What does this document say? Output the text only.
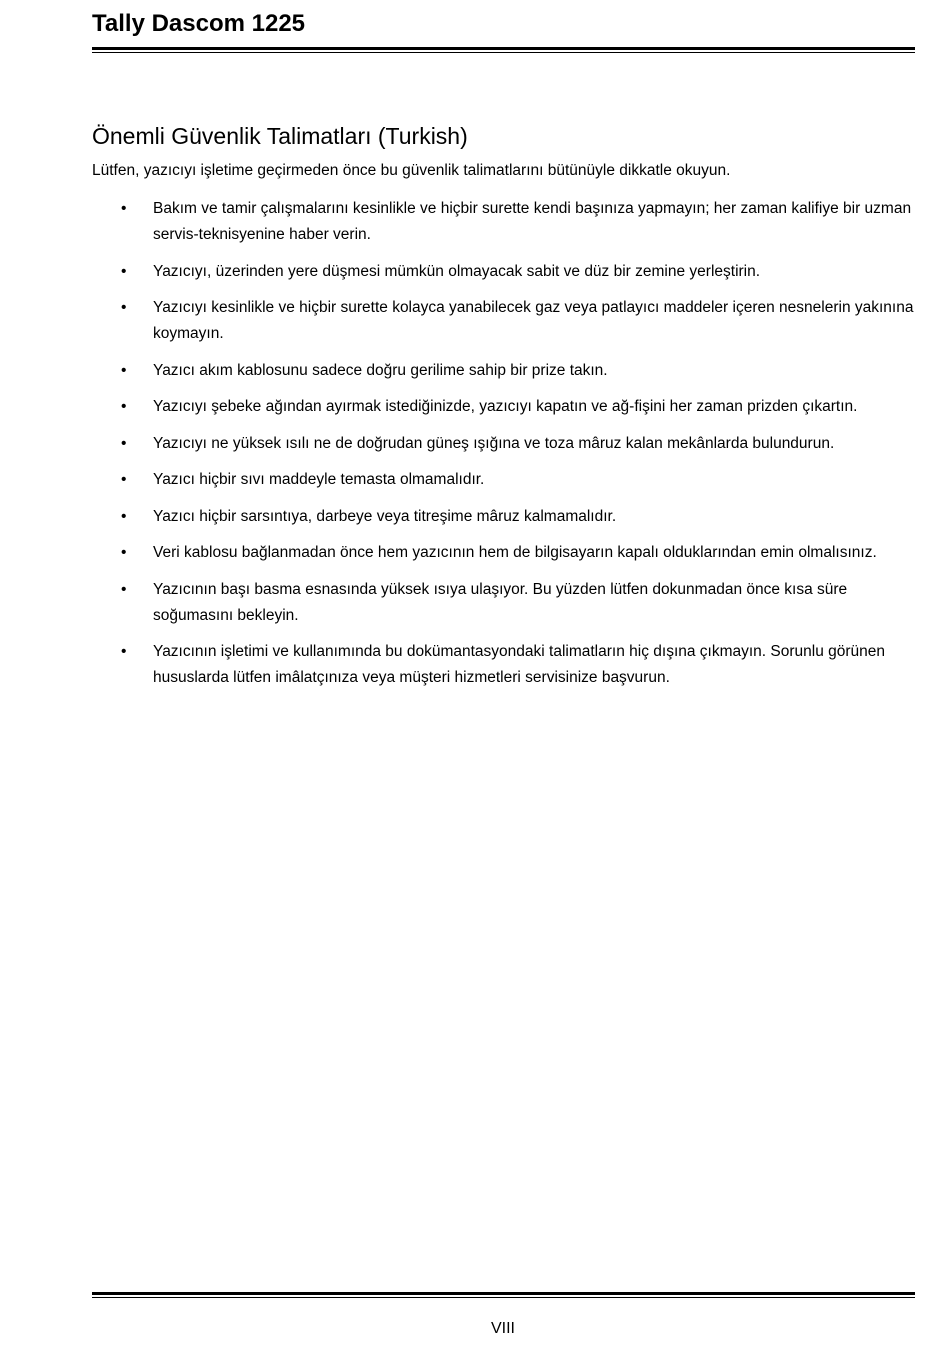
Tally Dascom 1225
Önemli Güvenlik Talimatları (Turkish)

Lütfen, yazıcıyı işletime geçirmeden önce bu güvenlik talimatlarını bütünüyle dikkatle okuyun.

• Bakım ve tamir çalışmalarını kesinlikle ve hiçbir surette kendi başınıza yapmayın; her zaman kalifiye bir uzman servis-teknisyenine haber verin.
• Yazıcıyı, üzerinden yere düşmesi mümkün olmayacak sabit ve düz bir zemine yerleştirin.
• Yazıcıyı kesinlikle ve hiçbir surette kolayca yanabilecek gaz veya patlayıcı maddeler içeren nesnelerin yakınına koymayın.
• Yazıcı akım kablosunu sadece doğru gerilime sahip bir prize takın.
• Yazıcıyı şebeke ağından ayırmak istediğinizde, yazıcıyı kapatın ve ağ-fişini her zaman prizden çıkartın.
• Yazıcıyı ne yüksek ısılı ne de doğrudan güneş ışığına ve toza mâruz kalan mekânlarda bulundurun.
• Yazıcı hiçbir sıvı maddeyle temasta olmamalıdır.
• Yazıcı hiçbir sarsıntıya, darbeye veya titreşime mâruz kalmamalıdır.
• Veri kablosu bağlanmadan önce hem yazıcının hem de bilgisayarın kapalı olduklarından emin olmalısınız.
• Yazıcının başı basma esnasında yüksek ısıya ulaşıyor. Bu yüzden lütfen dokunmadan önce kısa süre soğumasını bekleyin.
• Yazıcının işletimi ve kullanımında bu dokümantasyondaki talimatların hiç dışına çıkmayın. Sorunlu görünen hususlarda lütfen imâlatçınıza veya müşteri hizmetleri servisinize başvurun.
VIII
